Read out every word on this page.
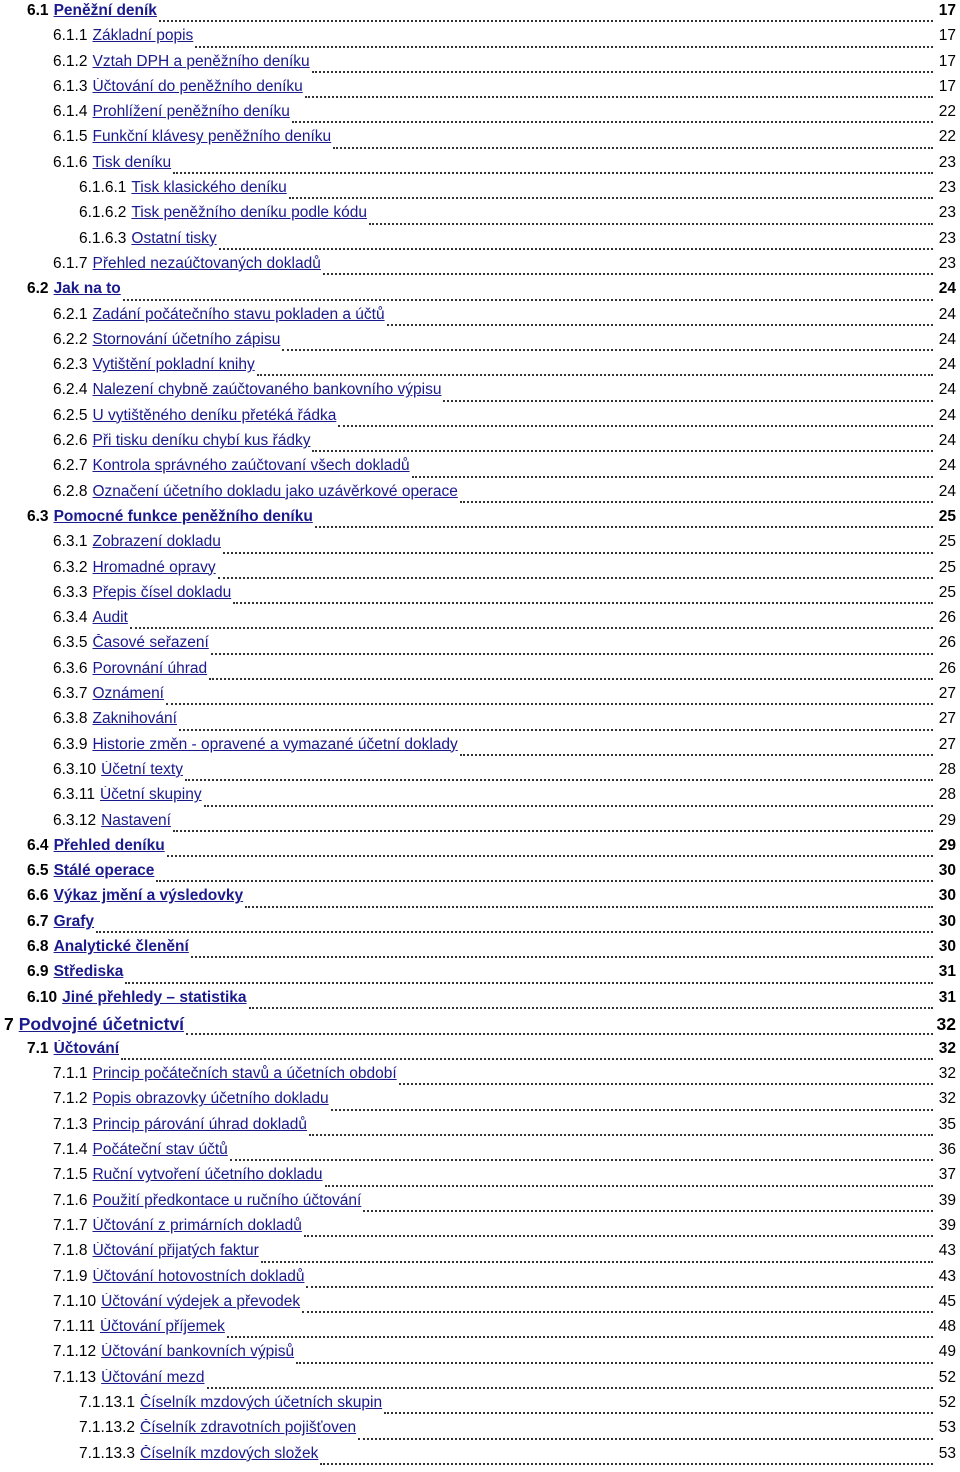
6.1 Peněžní deník	17
6.1.1 Základní popis	17
6.1.2 Vztah DPH a peněžního deníku	17
6.1.3 Účtování do peněžního deníku	17
6.1.4 Prohlížení peněžního deníku	22
6.1.5 Funkční klávesy peněžního deníku	22
6.1.6 Tisk deníku	23
6.1.6.1 Tisk klasického deníku	23
6.1.6.2 Tisk peněžního deníku podle kódu	23
6.1.6.3 Ostatní tisky	23
6.1.7 Přehled nezaúčtovaných dokladů	23
6.2 Jak na to	24
6.2.1 Zadání počátečního stavu pokladen a účtů	24
6.2.2 Stornování účetního zápisu	24
6.2.3 Vytištění pokladní knihy	24
6.2.4 Nalezení chybně zaúčtovaného bankovního výpisu	24
6.2.5 U vytištěného deníku přetéká řádka	24
6.2.6 Při tisku deníku chybí kus řádky	24
6.2.7 Kontrola správného zaúčtovaní všech dokladů	24
6.2.8 Označení účetního dokladu jako uzávěrkové operace	24
6.3 Pomocné funkce peněžního deníku	25
6.3.1 Zobrazení dokladu	25
6.3.2 Hromadné opravy	25
6.3.3 Přepis čísel dokladu	25
6.3.4 Audit	26
6.3.5 Časové seřazení	26
6.3.6 Porovnání úhrad	26
6.3.7 Oznámení	27
6.3.8 Zaknihování	27
6.3.9 Historie změn - opravené a vymazané účetní doklady	27
6.3.10 Účetní texty	28
6.3.11 Účetní skupiny	28
6.3.12 Nastavení	29
6.4 Přehled deníku	29
6.5 Stálé operace	30
6.6 Výkaz jmění a výsledovky	30
6.7 Grafy	30
6.8 Analytické členění	30
6.9 Střediska	31
6.10 Jiné přehledy – statistika	31
7 Podvojné účetnictví	32
7.1 Účtování	32
7.1.1 Princip počátečních stavů a účetních období	32
7.1.2 Popis obrazovky účetního dokladu	32
7.1.3 Princip párování úhrad dokladů	35
7.1.4 Počáteční stav účtů	36
7.1.5 Ruční vytvoření účetního dokladu	37
7.1.6 Použití předkontace u ručního účtování	39
7.1.7 Účtování z primárních dokladů	39
7.1.8 Účtování přijatých faktur	43
7.1.9 Účtování hotovostních dokladů	43
7.1.10 Účtování výdejek a převodek	45
7.1.11 Účtování příjemek	48
7.1.12 Účtování bankovních výpisů	49
7.1.13 Účtování mezd	52
7.1.13.1 Číselník mzdových účetních skupin	52
7.1.13.2 Číselník zdravotních pojišťoven	53
7.1.13.3 Číselník mzdových složek	53
